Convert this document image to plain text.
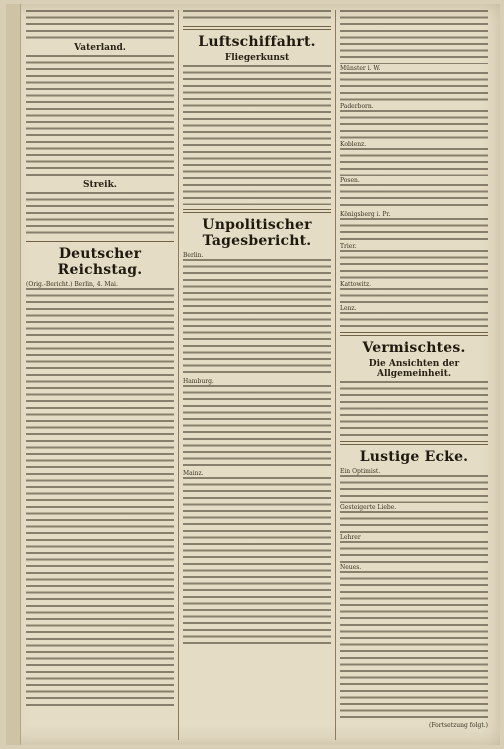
Vaterland.
Streik.
Deutscher Reichstag.
(Orig.-Bericht.) Berlin, 4. Mai.
Luftschiffahrt.
Fliegerkunst
Unpolitischer Tagesbericht.
Berlin.
Hamburg.
Mainz.
Münster i. W.
Paderborn.
Koblenz.
Posen.
Königsberg i. Pr.
Trier.
Kattowitz.
Lenz.
Vermischtes.
Die Ansichten der Allgemeinheit.
Lustige Ecke.
Ein Optimist.
Gesteigerte Liebe.
Lehrer
Neues.
(Fortsetzung folgt.)
